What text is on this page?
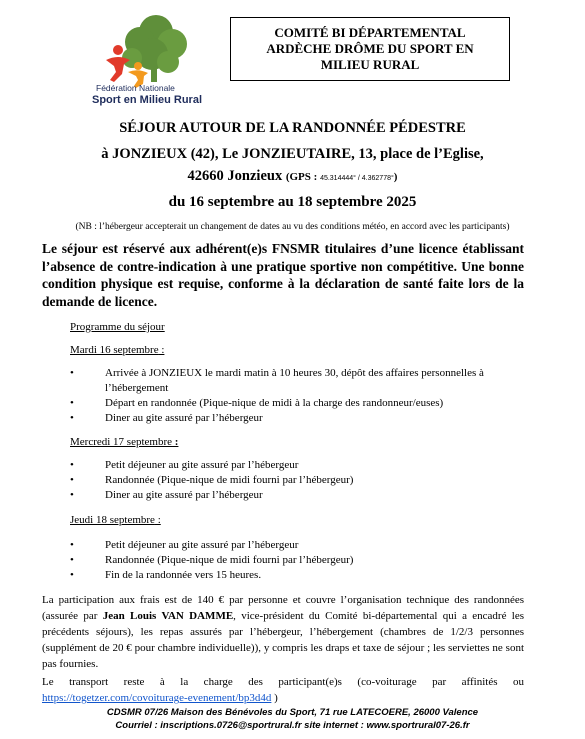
Fédération Nationale
Sport en Milieu Rural
COMITÉ BI DÉPARTEMENTAL
ARDÈCHE DRÔME DU SPORT EN
MILIEU RURAL
SÉJOUR AUTOUR DE LA RANDONNÉE PÉDESTRE
à JONZIEUX (42), Le JONZIEUTAIRE, 13, place de l’Eglise,
42660 Jonzieux (GPS : 45.314444° / 4.362778°)
du 16 septembre au 18 septembre 2025
(NB : l’hébergeur accepterait un changement de dates au vu des conditions météo, en accord avec les participants)
Le séjour est réservé aux adhérent(e)s FNSMR titulaires d’une licence établissant l’absence de contre-indication à une pratique sportive non compétitive. Une bonne condition physique est requise, conforme à la déclaration de santé faite lors de la demande de licence.
Programme du séjour
Mardi 16 septembre :
• Arrivée à JONZIEUX le mardi matin à 10 heures 30, dépôt des affaires personnelles à l’hébergement
• Départ en randonnée (Pique-nique de midi à la charge des randonneur/euses)
• Diner au gite assuré par l’hébergeur
Mercredi 17 septembre :
• Petit déjeuner au gite assuré par l’hébergeur
• Randonnée (Pique-nique de midi fourni par l’hébergeur)
• Diner au gite assuré par l’hébergeur
Jeudi 18 septembre :
• Petit déjeuner au gite assuré par l’hébergeur
• Randonnée (Pique-nique de midi fourni par l’hébergeur)
• Fin de la randonnée vers 15 heures.
La participation aux frais est de 140 € par personne et couvre l’organisation technique des randonnées (assurée par Jean Louis VAN DAMME, vice-président du Comité bi-départemental qui a encadré les précédents séjours), les repas assurés par l’hébergeur, l’hébergement (chambres de 1/2/3 personnes (supplément de 20 € pour chambre individuelle)), y compris les draps et taxe de séjour ; les serviettes ne sont pas fournies.
Le transport reste à la charge des participant(e)s (co-voiturage par affinités ou https://togetzer.com/covoiturage-evenement/bp3d4d )
CDSMR 07/26 Maison des Bénévoles du Sport, 71 rue LATECOERE, 26000 Valence
Courriel : inscriptions.0726@sportrural.fr site internet : www.sportrural07-26.fr
